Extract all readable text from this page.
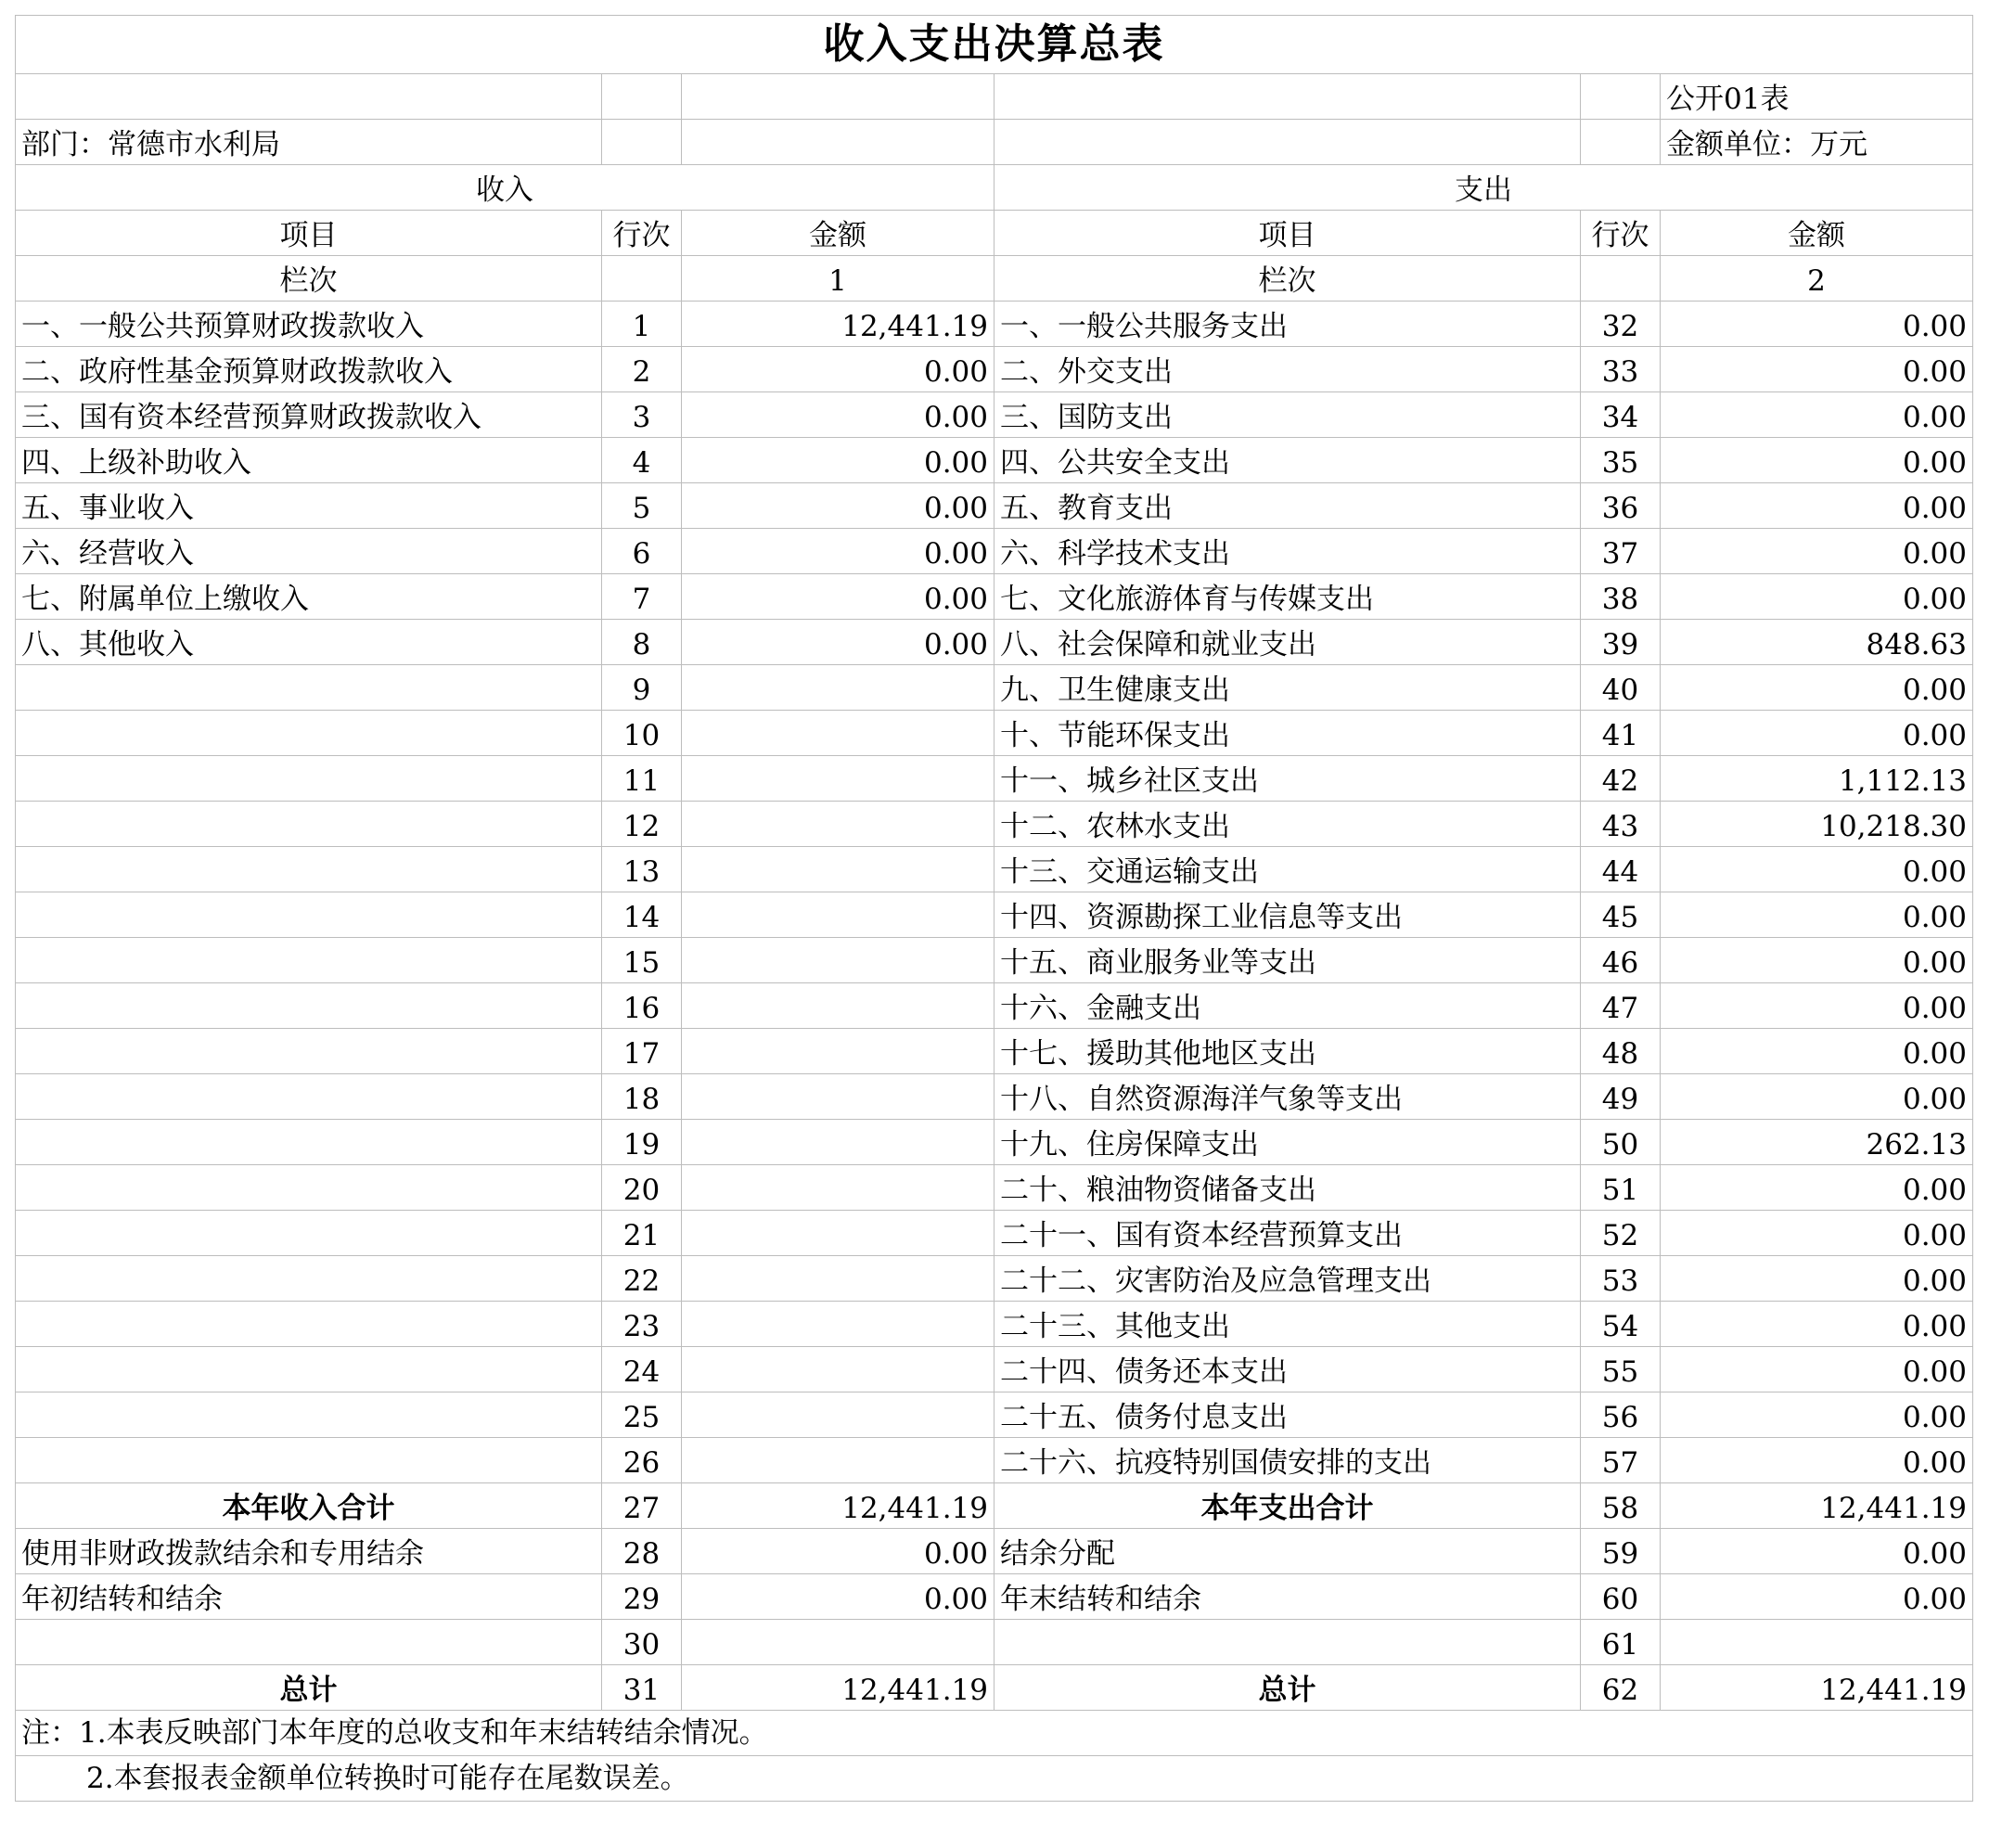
收入支出决算总表					
					公开01表
部门：常德市水利局					金额单位：万元
收入			支出		
项目	行次	金额	项目	行次	金额
栏次		1	栏次		2
一、一般公共预算财政拨款收入	1	12,441.19	一、一般公共服务支出	32	0.00
二、政府性基金预算财政拨款收入	2	0.00	二、外交支出	33	0.00
三、国有资本经营预算财政拨款收入	3	0.00	三、国防支出	34	0.00
四、上级补助收入	4	0.00	四、公共安全支出	35	0.00
五、事业收入	5	0.00	五、教育支出	36	0.00
六、经营收入	6	0.00	六、科学技术支出	37	0.00
七、附属单位上缴收入	7	0.00	七、文化旅游体育与传媒支出	38	0.00
八、其他收入	8	0.00	八、社会保障和就业支出	39	848.63
	9		九、卫生健康支出	40	0.00
	10		十、节能环保支出	41	0.00
	11		十一、城乡社区支出	42	1,112.13
	12		十二、农林水支出	43	10,218.30
	13		十三、交通运输支出	44	0.00
	14		十四、资源勘探工业信息等支出	45	0.00
	15		十五、商业服务业等支出	46	0.00
	16		十六、金融支出	47	0.00
	17		十七、援助其他地区支出	48	0.00
	18		十八、自然资源海洋气象等支出	49	0.00
	19		十九、住房保障支出	50	262.13
	20		二十、粮油物资储备支出	51	0.00
	21		二十一、国有资本经营预算支出	52	0.00
	22		二十二、灾害防治及应急管理支出	53	0.00
	23		二十三、其他支出	54	0.00
	24		二十四、债务还本支出	55	0.00
	25		二十五、债务付息支出	56	0.00
	26		二十六、抗疫特别国债安排的支出	57	0.00
本年收入合计	27	12,441.19	本年支出合计	58	12,441.19
使用非财政拨款结余和专用结余	28	0.00	结余分配	59	0.00
年初结转和结余	29	0.00	年末结转和结余	60	0.00
	30			61	
总计	31	12,441.19	总计	62	12,441.19
注：1.本表反映部门本年度的总收支和年末结转结余情况。					
2.本套报表金额单位转换时可能存在尾数误差。					
